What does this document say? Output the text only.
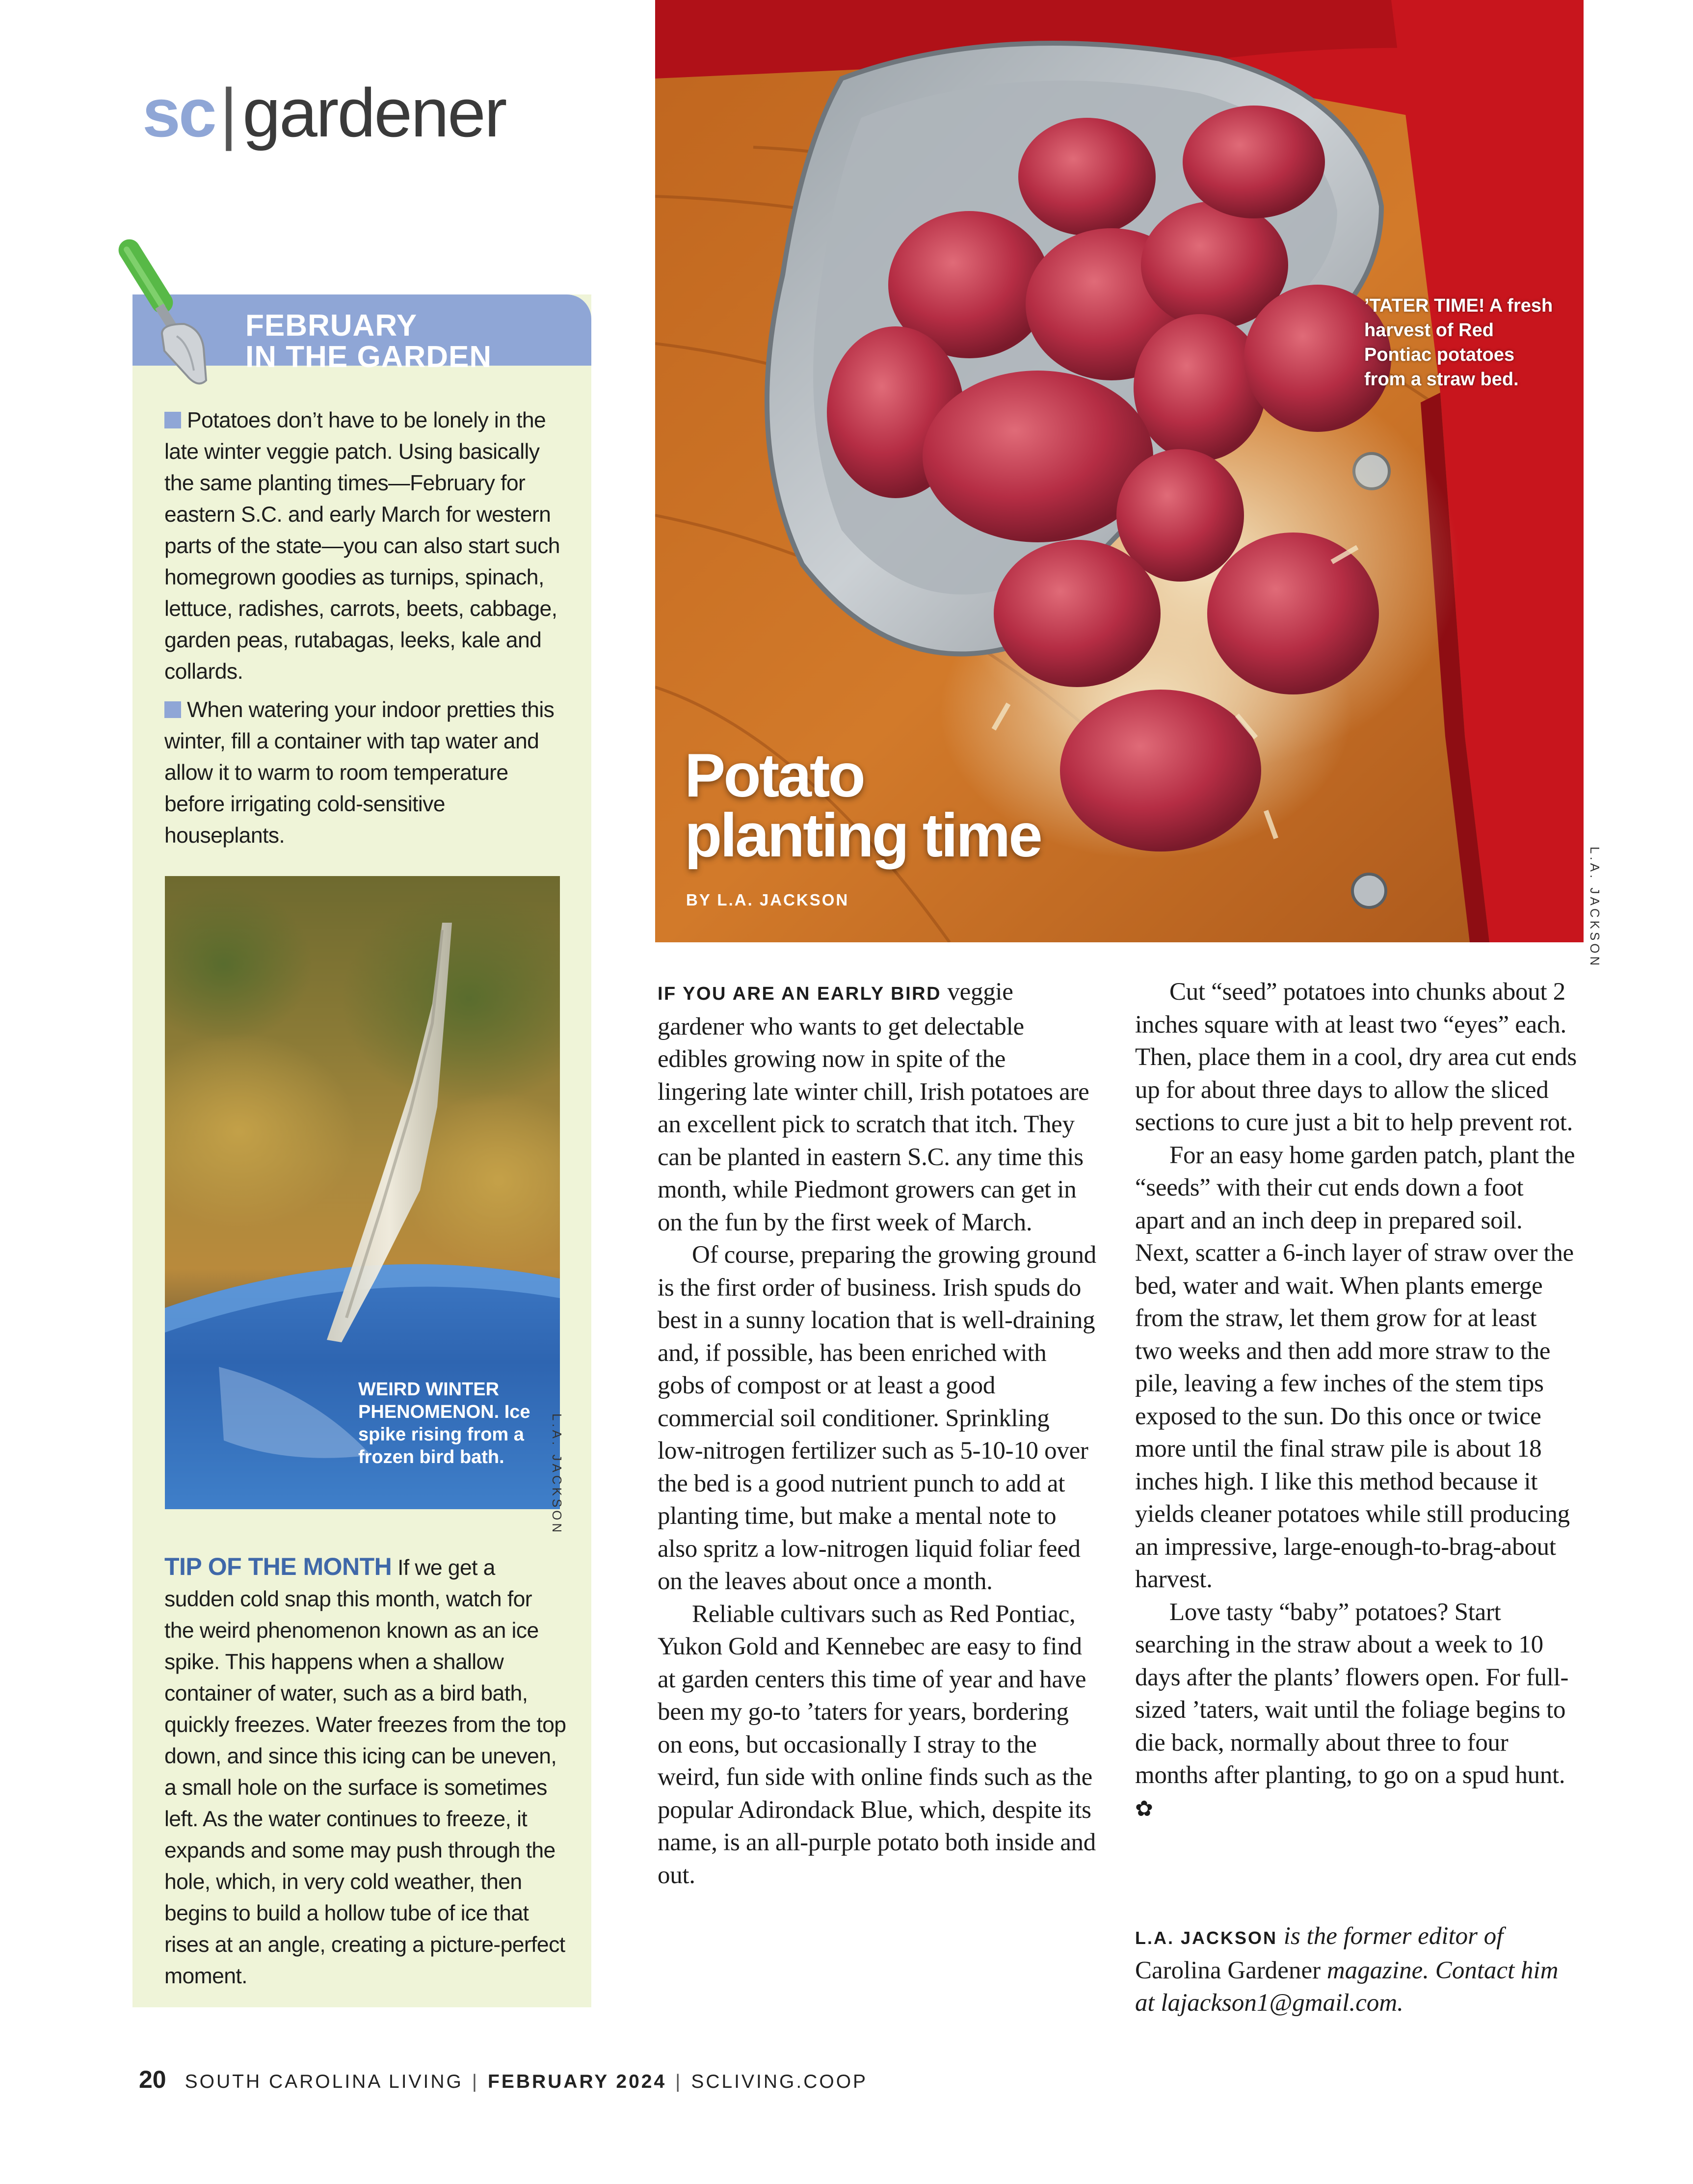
sc|gardener
FEBRUARY
IN THE GARDEN
Potatoes don’t have to be lonely in the late winter veggie patch. Using basically the same planting times—February for eastern S.C. and early March for western parts of the state—you can also start such homegrown goodies as turnips, spinach, lettuce, radishes, carrots, beets, cabbage, garden peas, rutabagas, leeks, kale and collards.
When watering your indoor pretties this winter, fill a container with tap water and allow it to warm to room temperature before irrigating cold-sensitive houseplants.
WEIRD WINTER PHENOMENON. Ice spike rising from a frozen bird bath.	L.A. JACKSON
TIP OF THE MONTH If we get a sudden cold snap this month, watch for the weird phenomenon known as an ice spike. This happens when a shallow container of water, such as a bird bath, quickly freezes. Water freezes from the top down, and since this icing can be uneven, a small hole on the surface is sometimes left. As the water continues to freeze, it expands and some may push through the hole, which, in very cold weather, then begins to build a hollow tube of ice that rises at an angle, creating a picture-perfect moment.
’TATER TIME! A fresh harvest of Red Pontiac potatoes from a straw bed.
L.A. JACKSON
Potato
planting time
BY L.A. JACKSON

IF YOU ARE AN EARLY BIRD veggie gardener who wants to get delectable edibles growing now in spite of the lingering late winter chill, Irish potatoes are an excellent pick to scratch that itch. They can be planted in eastern S.C. any time this month, while Piedmont growers can get in on the fun by the first week of March.

Of course, preparing the growing ground is the first order of business. Irish spuds do best in a sunny location that is well-draining and, if possible, has been enriched with gobs of compost or at least a good commercial soil conditioner. Sprinkling low-nitrogen fertilizer such as 5-10-10 over the bed is a good nutrient punch to add at planting time, but make a mental note to also spritz a low-nitrogen liquid foliar feed on the leaves about once a month.

Reliable cultivars such as Red Pontiac, Yukon Gold and Kennebec are easy to find at garden centers this time of year and have been my go-to ’taters for years, bordering on eons, but occasionally I stray to the weird, fun side with online finds such as the popular Adirondack Blue, which, despite its name, is an all-purple potato both inside and out.

Cut “seed” potatoes into chunks about 2 inches square with at least two “eyes” each. Then, place them in a cool, dry area cut ends up for about three days to allow the sliced sections to cure just a bit to help prevent rot.

For an easy home garden patch, plant the “seeds” with their cut ends down a foot apart and an inch deep in prepared soil. Next, scatter a 6-inch layer of straw over the bed, water and wait. When plants emerge from the straw, let them grow for at least two weeks and then add more straw to the pile, leaving a few inches of the stem tips exposed to the sun. Do this once or twice more until the final straw pile is about 18 inches high. I like this method because it yields cleaner potatoes while still producing an impressive, large-enough-to-brag-about harvest.

Love tasty “baby” potatoes? Start searching in the straw about a week to 10 days after the plants’ flowers open. For full-sized ’taters, wait until the foliage begins to die back, normally about three to four months after planting, to go on a spud hunt. ✿

L.A. JACKSON is the former editor of Carolina Gardener magazine. Contact him at lajackson1@gmail.com.
20 SOUTH CAROLINA LIVING | FEBRUARY 2024 | SCLIVING.COOP
